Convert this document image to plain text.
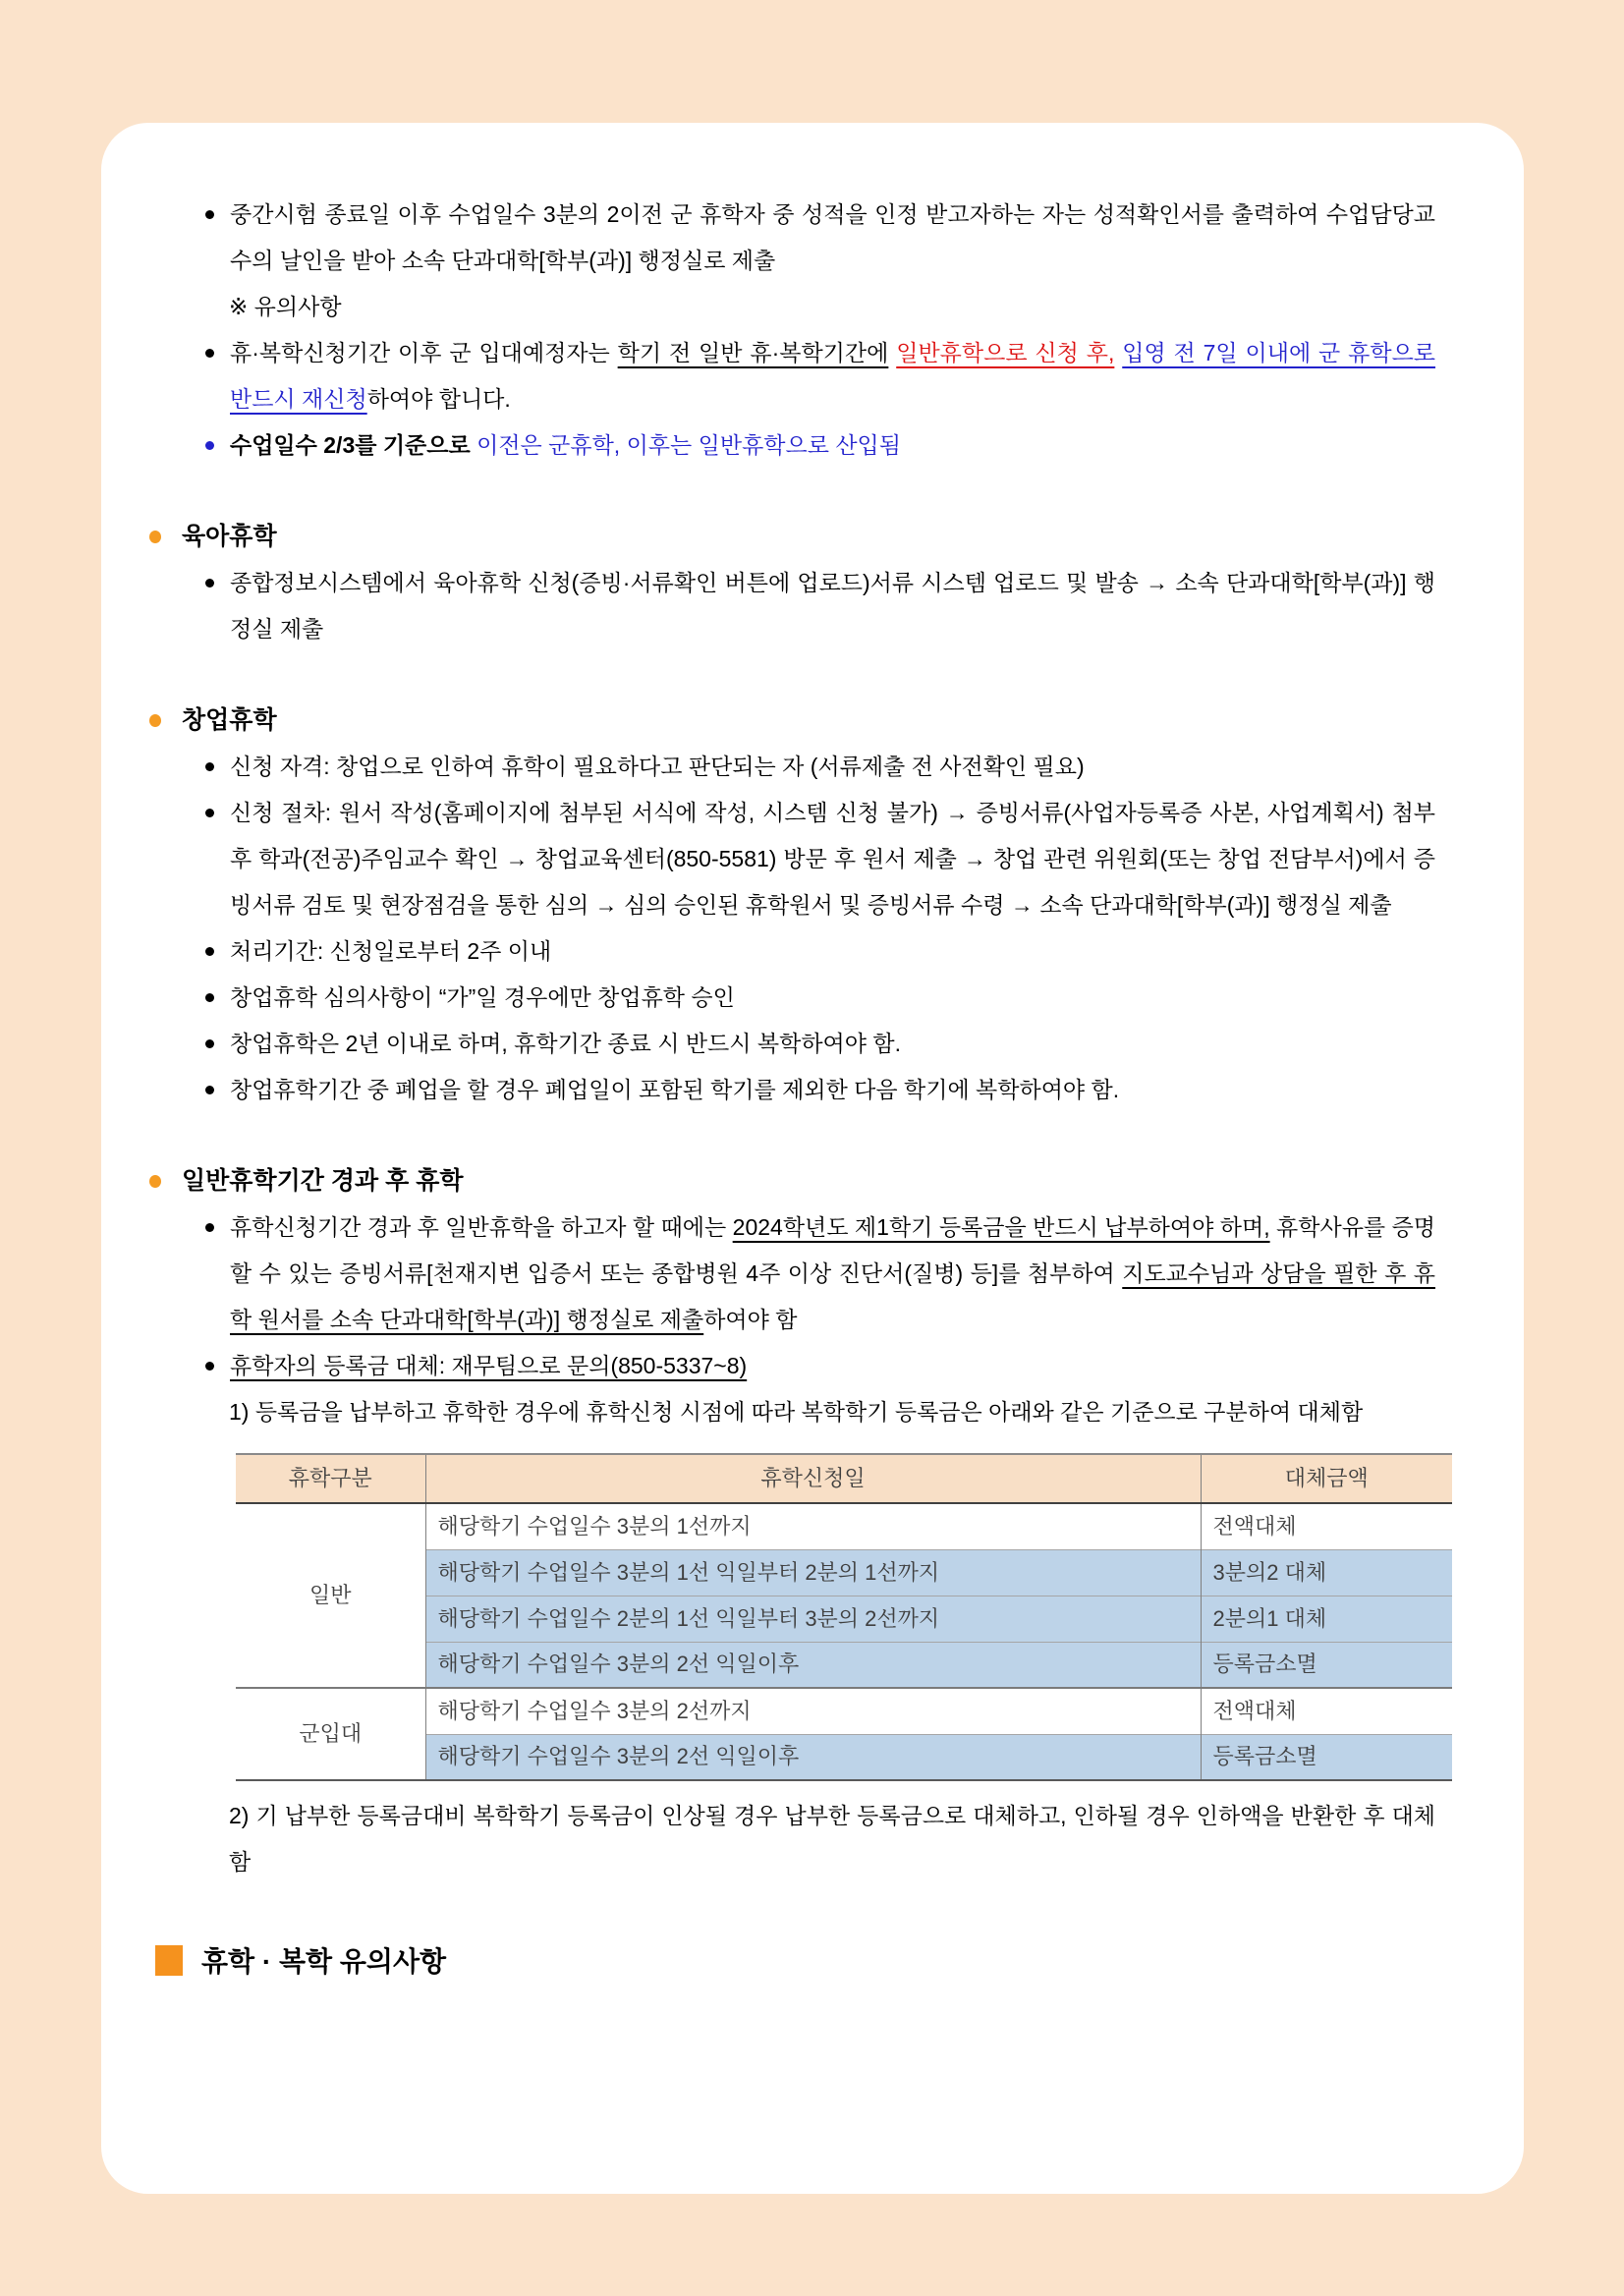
중간시험 종료일 이후 수업일수 3분의 2이전 군 휴학자 중 성적을 인정 받고자하는 자는 성적확인서를 출력하여 수업담당교수의 날인을 받아 소속 단과대학[학부(과)] 행정실로 제출
※ 유의사항
휴·복학신청기간 이후 군 입대예정자는 학기 전 일반 휴·복학기간에 일반휴학으로 신청 후, 입영 전 7일 이내에 군 휴학으로 반드시 재신청하여야 합니다.
수업일수 2/3를 기준으로 이전은 군휴학, 이후는 일반휴학으로 산입됨
육아휴학
종합정보시스템에서 육아휴학 신청(증빙·서류확인 버튼에 업로드)서류 시스템 업로드 및 발송 → 소속 단과대학[학부(과)] 행정실 제출
창업휴학
신청 자격: 창업으로 인하여 휴학이 필요하다고 판단되는 자 (서류제출 전 사전확인 필요)
신청 절차: 원서 작성(홈페이지에 첨부된 서식에 작성, 시스템 신청 불가) → 증빙서류(사업자등록증 사본, 사업계획서) 첨부 후 학과(전공)주임교수 확인 → 창업교육센터(850-5581) 방문 후 원서 제출 → 창업 관련 위원회(또는 창업 전담부서)에서 증빙서류 검토 및 현장점검을 통한 심의 → 심의 승인된 휴학원서 및 증빙서류 수령 → 소속 단과대학[학부(과)] 행정실 제출
처리기간: 신청일로부터 2주 이내
창업휴학 심의사항이 “가”일 경우에만 창업휴학 승인
창업휴학은 2년 이내로 하며, 휴학기간 종료 시 반드시 복학하여야 함.
창업휴학기간 중 폐업을 할 경우 폐업일이 포함된 학기를 제외한 다음 학기에 복학하여야 함.
일반휴학기간 경과 후 휴학
휴학신청기간 경과 후 일반휴학을 하고자 할 때에는 2024학년도 제1학기 등록금을 반드시 납부하여야 하며, 휴학사유를 증명할 수 있는 증빙서류[천재지변 입증서 또는 종합병원 4주 이상 진단서(질병) 등]를 첨부하여 지도교수님과 상담을 필한 후 휴학 원서를 소속 단과대학[학부(과)] 행정실로 제출하여야 함
휴학자의 등록금 대체: 재무팀으로 문의(850-5337~8)
1) 등록금을 납부하고 휴학한 경우에 휴학신청 시점에 따라 복학학기 등록금은 아래와 같은 기준으로 구분하여 대체함
휴학구분	휴학신청일	대체금액
일반	해당학기 수업일수 3분의 1선까지	전액대체
	해당학기 수업일수 3분의 1선 익일부터 2분의 1선까지	3분의2 대체
	해당학기 수업일수 2분의 1선 익일부터 3분의 2선까지	2분의1 대체
	해당학기 수업일수 3분의 2선 익일이후	등록금소멸
군입대	해당학기 수업일수 3분의 2선까지	전액대체
	해당학기 수업일수 3분의 2선 익일이후	등록금소멸
2) 기 납부한 등록금대비 복학학기 등록금이 인상될 경우 납부한 등록금으로 대체하고, 인하될 경우 인하액을 반환한 후 대체함
휴학 · 복학 유의사항
